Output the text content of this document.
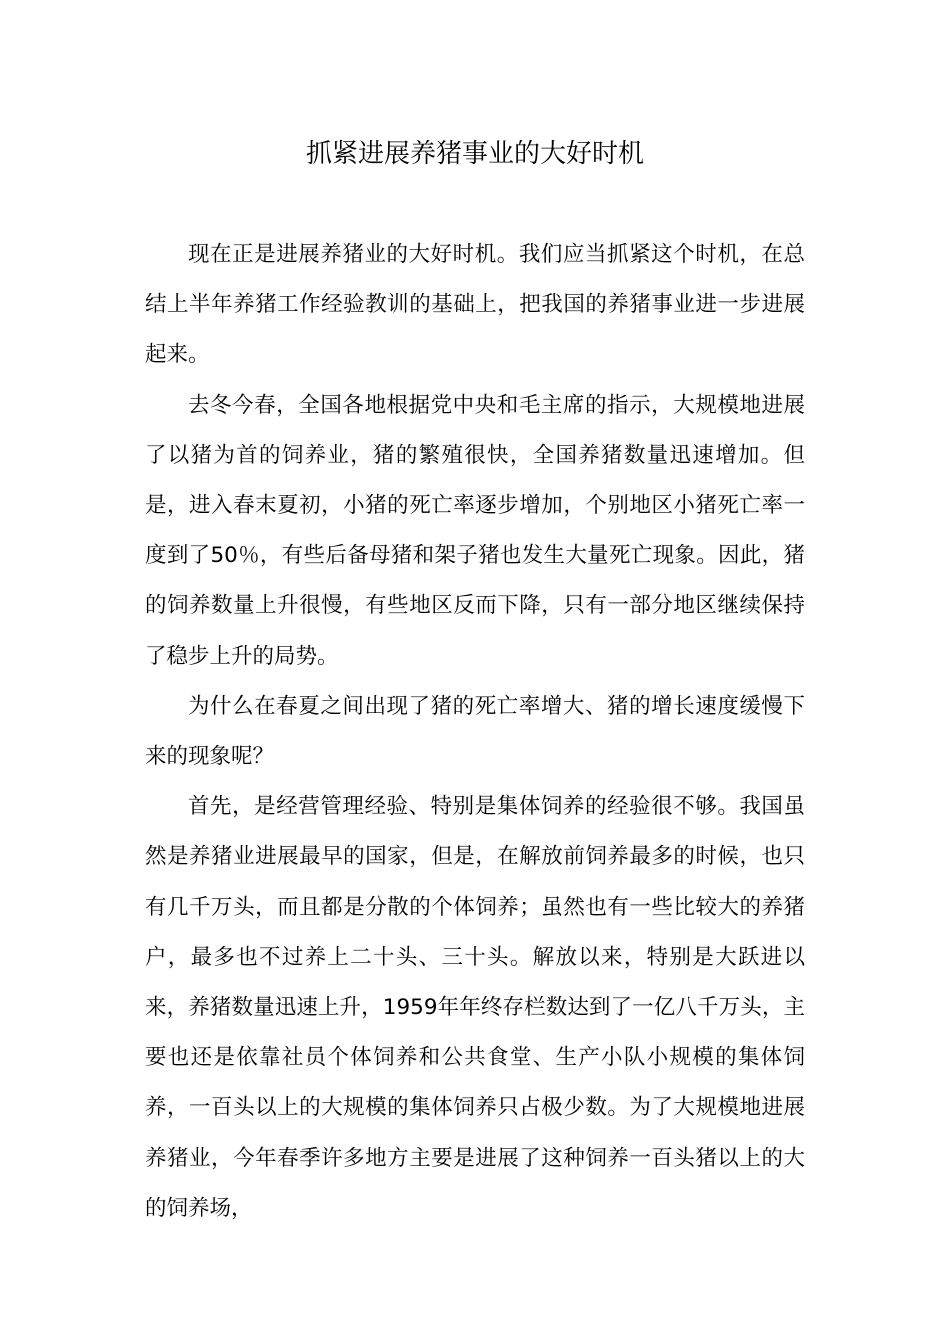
抓紧进展养猪事业的大好时机

现在正是进展养猪业的大好时机。我们应当抓紧这个时机，在总结上半年养猪工作经验教训的基础上，把我国的养猪事业进一步进展起来。

去冬今春，全国各地根据党中央和毛主席的指示，大规模地进展了以猪为首的饲养业，猪的繁殖很快，全国养猪数量迅速增加。但是，进入春末夏初，小猪的死亡率逐步增加，个别地区小猪死亡率一度到了50％，有些后备母猪和架子猪也发生大量死亡现象。因此，猪的饲养数量上升很慢，有些地区反而下降，只有一部分地区继续保持了稳步上升的局势。

为什么在春夏之间出现了猪的死亡率增大、猪的增长速度缓慢下来的现象呢？

首先，是经营管理经验、特别是集体饲养的经验很不够。我国虽然是养猪业进展最早的国家，但是，在解放前饲养最多的时候，也只有几千万头，而且都是分散的个体饲养；虽然也有一些比较大的养猪户，最多也不过养上二十头、三十头。解放以来，特别是大跃进以来，养猪数量迅速上升，1959年年终存栏数达到了一亿八千万头，主要也还是依靠社员个体饲养和公共食堂、生产小队小规模的集体饲养，一百头以上的大规模的集体饲养只占极少数。为了大规模地进展养猪业，今年春季许多地方主要是进展了这种饲养一百头猪以上的大的饲养场，
